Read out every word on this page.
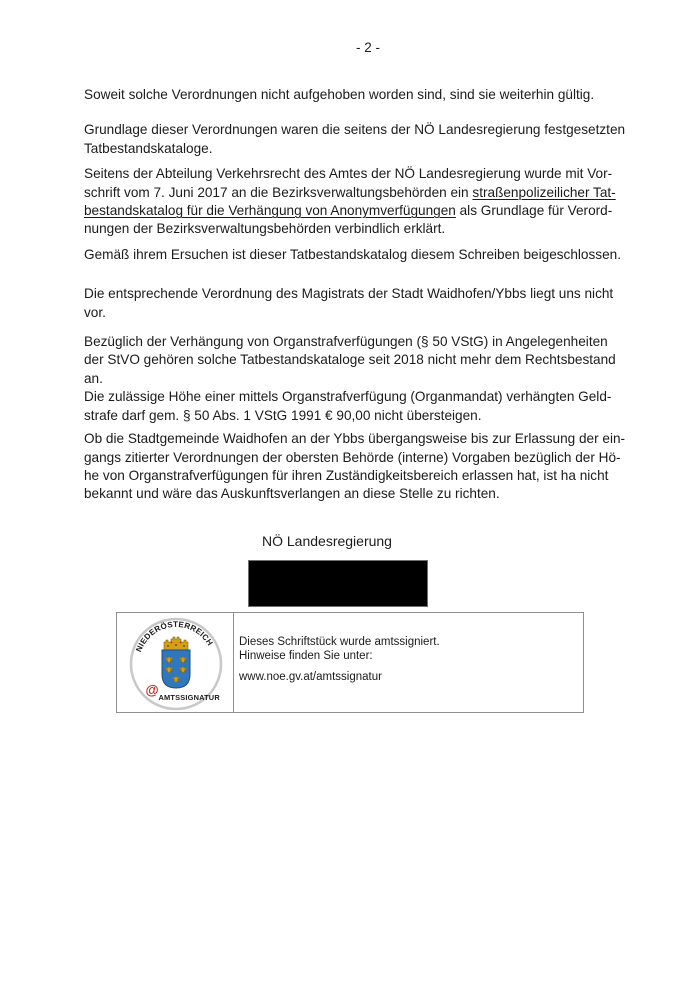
- 2 -
Soweit solche Verordnungen nicht aufgehoben worden sind, sind sie weiterhin gültig.
Grundlage dieser Verordnungen waren die seitens der NÖ Landesregierung festgesetzten
Tatbestandskataloge.
Seitens der Abteilung Verkehrsrecht des Amtes der NÖ Landesregierung wurde mit Vor-
schrift vom 7. Juni 2017 an die Bezirksverwaltungsbehörden ein straßenpolizeilicher Tat-
bestandskatalog für die Verhängung von Anonymverfügungen als Grundlage für Verord-
nungen der Bezirksverwaltungsbehörden verbindlich erklärt.
Gemäß ihrem Ersuchen ist dieser Tatbestandskatalog diesem Schreiben beigeschlossen.
Die entsprechende Verordnung des Magistrats der Stadt Waidhofen/Ybbs liegt uns nicht
vor.
Bezüglich der Verhängung von Organstrafverfügungen (§ 50 VStG) in Angelegenheiten
der StVO gehören solche Tatbestandskataloge seit 2018 nicht mehr dem Rechtsbestand
an.
Die zulässige Höhe einer mittels Organstrafverfügung (Organmandat) verhängten Geld-
strafe darf gem. § 50 Abs. 1 VStG 1991 € 90,00 nicht übersteigen.
Ob die Stadtgemeinde Waidhofen an der Ybbs übergangsweise bis zur Erlassung der ein-
gangs zitierter Verordnungen der obersten Behörde (interne) Vorgaben bezüglich der Hö-
he von Organstrafverfügungen für ihren Zuständigkeitsbereich erlassen hat, ist ha nicht
bekannt und wäre das Auskunftsverlangen an diese Stelle zu richten.
NÖ Landesregierung
NIEDERÖSTERREICH
@ AMTSSIGNATUR
Dieses Schriftstück wurde amtssigniert.
Hinweise finden Sie unter:
www.noe.gv.at/amtssignatur
